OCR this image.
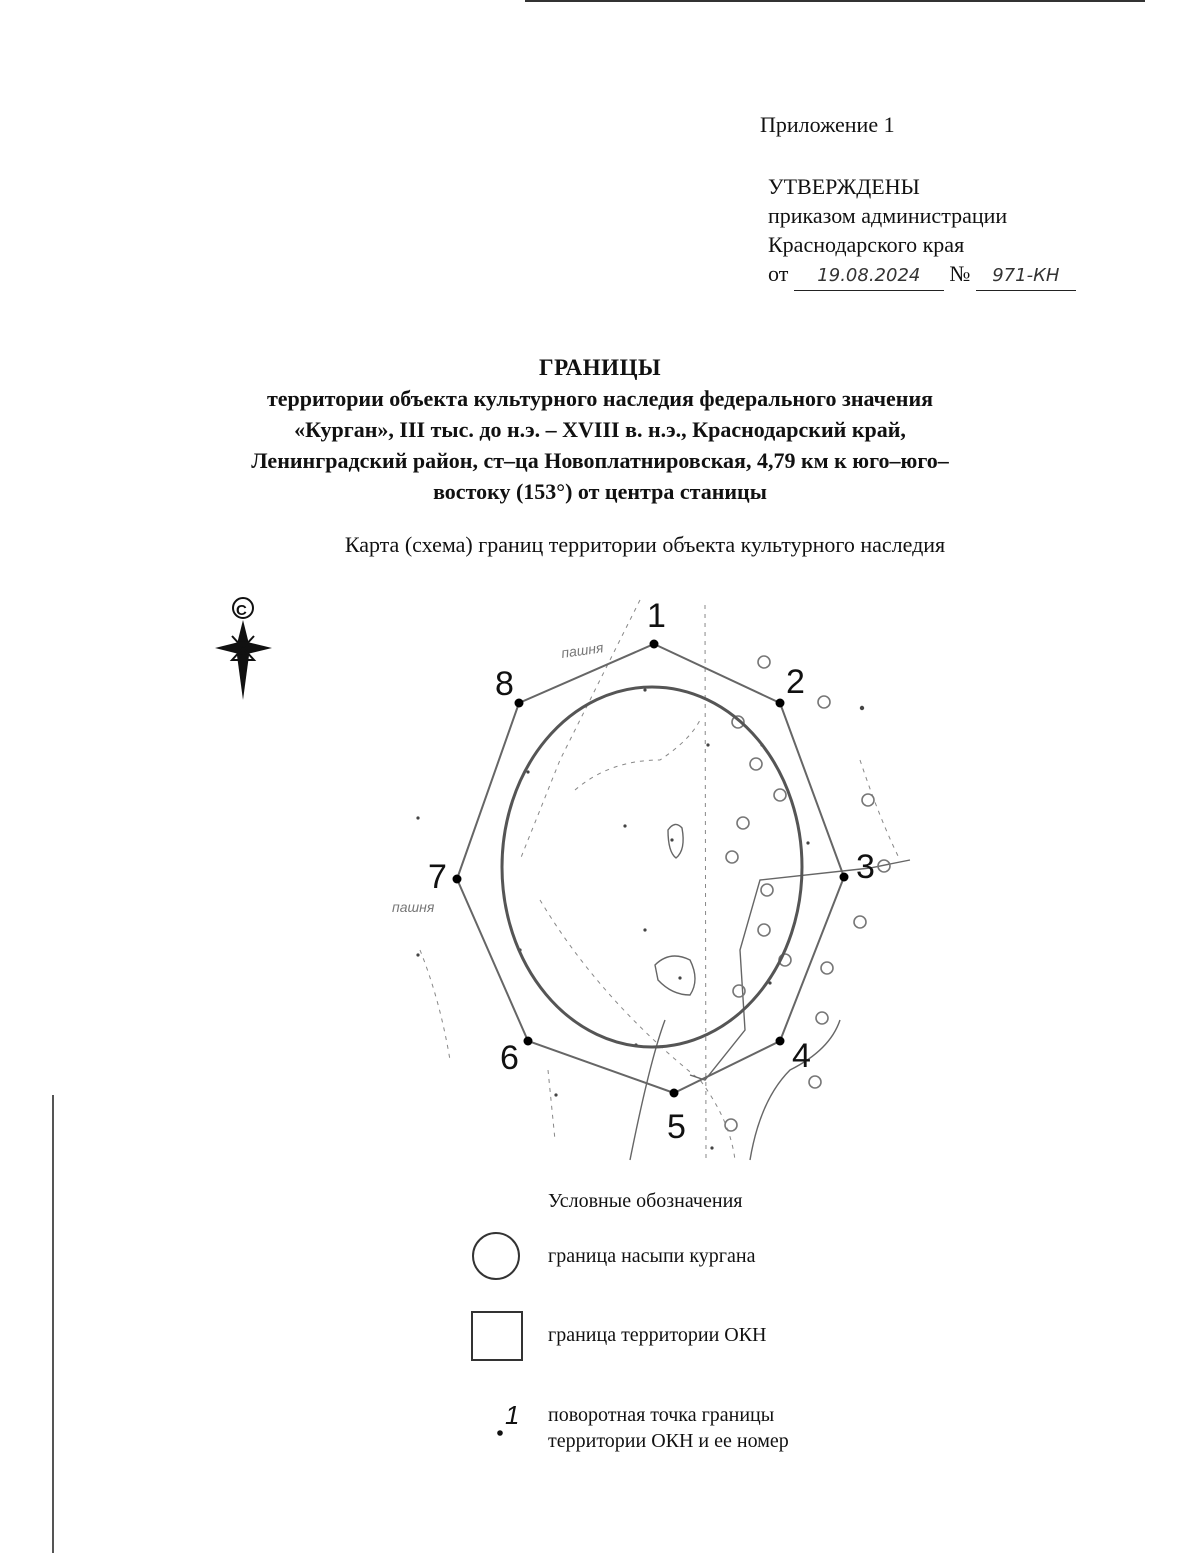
Приложение 1
УТВЕРЖДЕНЫ
приказом администрации
Краснодарского края
от 19.08.2024 № 971-КН
ГРАНИЦЫ
территории объекта культурного наследия федерального значения
«Курган», III тыс. до н.э. – XVIII в. н.э., Краснодарский край,
Ленинградский район, ст–ца Новоплатнировская, 4,79 км к юго–юго–
востоку (153°) от центра станицы
Карта (схема) границ территории объекта культурного наследия
1
2
3
4
5
6
7
8
пашня
пашня
С
1
Условные обозначения
граница насыпи кургана
граница территории ОКН
поворотная точка границы
территории ОКН и ее номер
